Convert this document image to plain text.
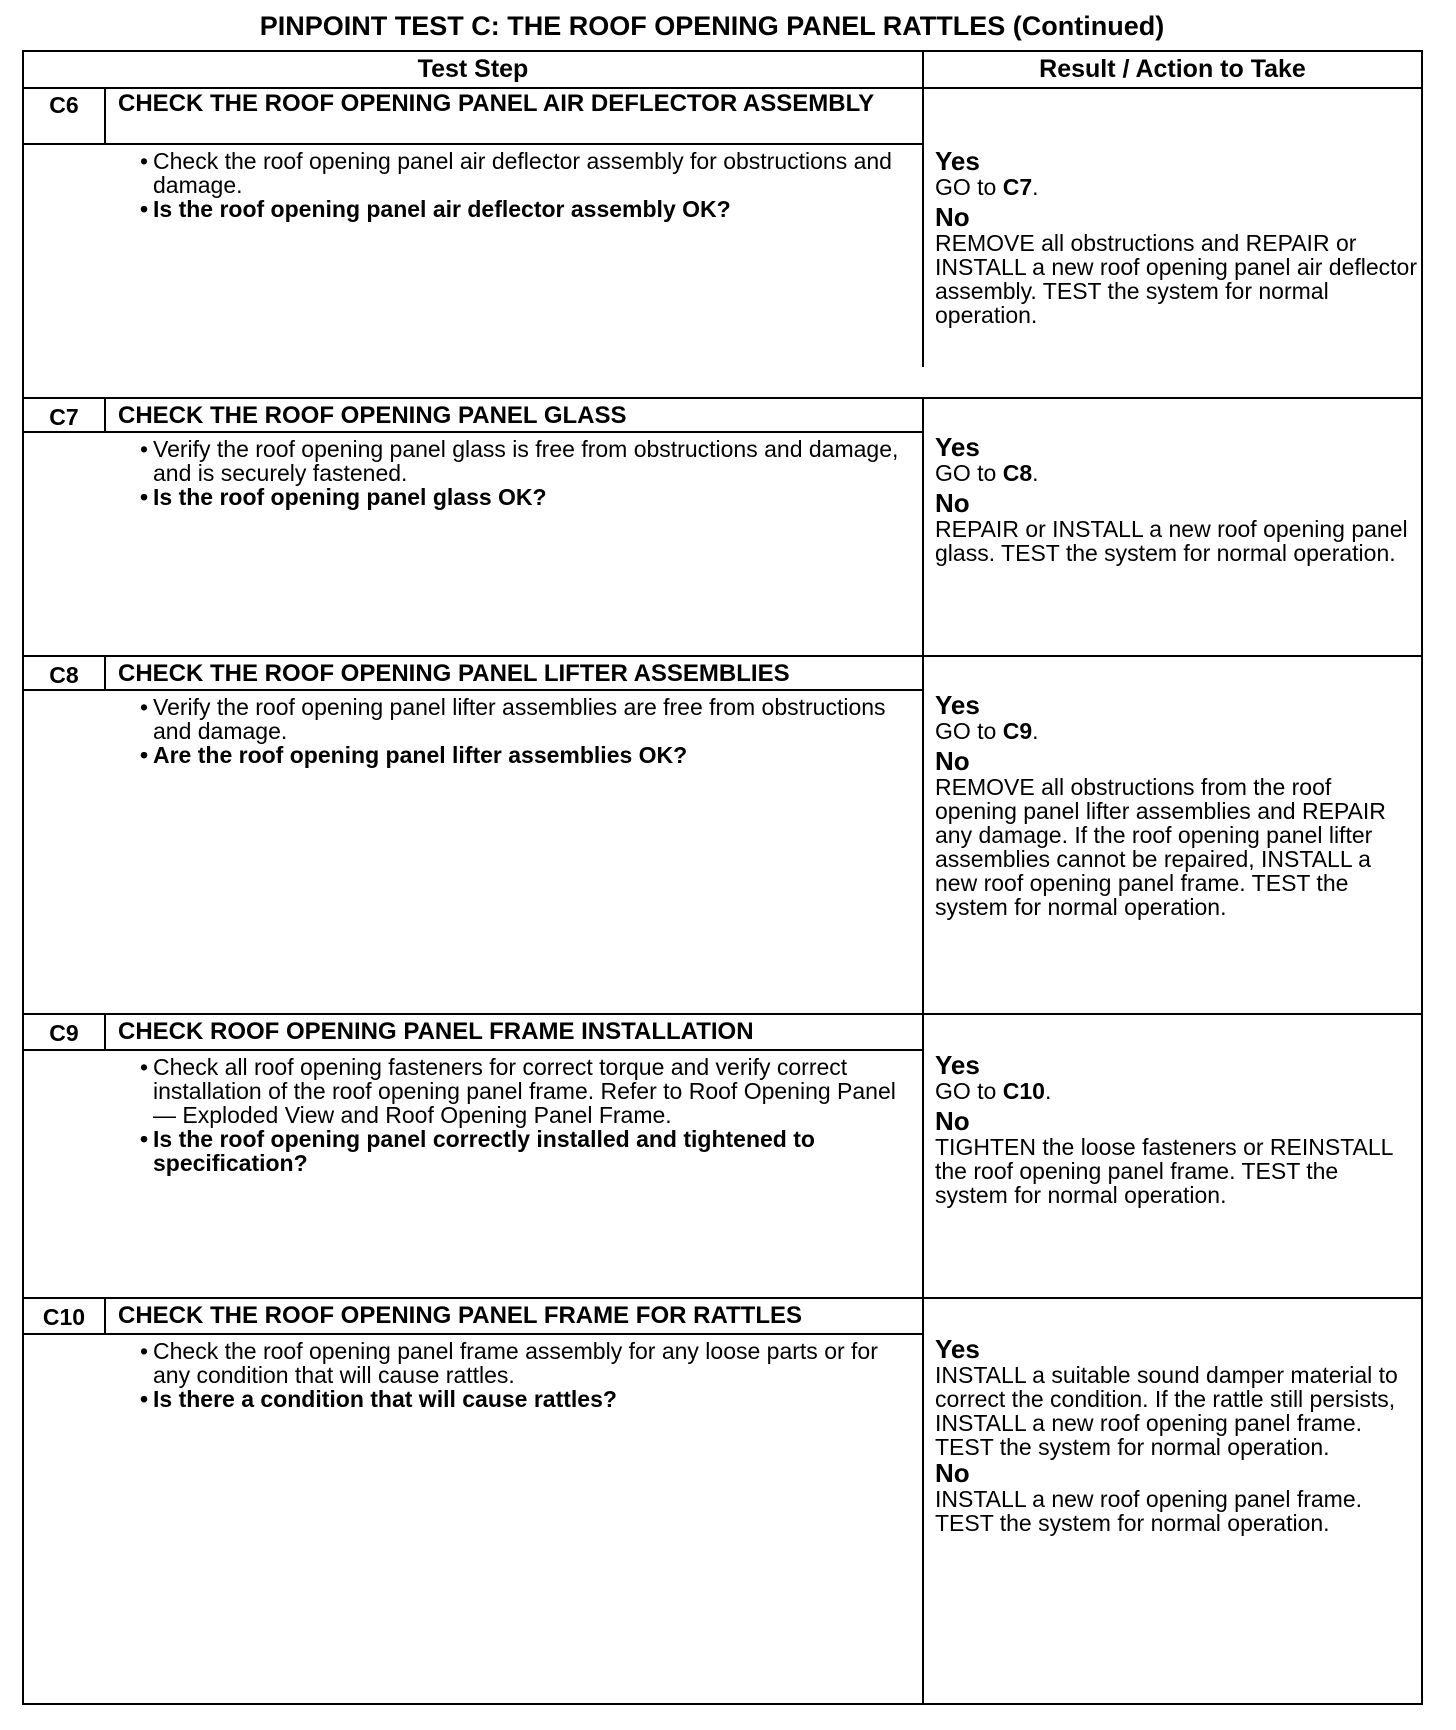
PINPOINT TEST C: THE ROOF OPENING PANEL RATTLES (Continued)
Test Step	Result / Action to Take
C6	CHECK THE ROOF OPENING PANEL AIR DEFLECTOR ASSEMBLY
• Check the roof opening panel air deflector assembly for obstructions and damage.
• Is the roof opening panel air deflector assembly OK?
Yes
GO to C7.
No
REMOVE all obstructions and REPAIR or INSTALL a new roof opening panel air deflector assembly. TEST the system for normal operation.
C7	CHECK THE ROOF OPENING PANEL GLASS
• Verify the roof opening panel glass is free from obstructions and damage, and is securely fastened.
• Is the roof opening panel glass OK?
Yes
GO to C8.
No
REPAIR or INSTALL a new roof opening panel glass. TEST the system for normal operation.
C8	CHECK THE ROOF OPENING PANEL LIFTER ASSEMBLIES
• Verify the roof opening panel lifter assemblies are free from obstructions and damage.
• Are the roof opening panel lifter assemblies OK?
Yes
GO to C9.
No
REMOVE all obstructions from the roof opening panel lifter assemblies and REPAIR any damage. If the roof opening panel lifter assemblies cannot be repaired, INSTALL a new roof opening panel frame. TEST the system for normal operation.
C9	CHECK ROOF OPENING PANEL FRAME INSTALLATION
• Check all roof opening fasteners for correct torque and verify correct installation of the roof opening panel frame. Refer to Roof Opening Panel — Exploded View and Roof Opening Panel Frame.
• Is the roof opening panel correctly installed and tightened to specification?
Yes
GO to C10.
No
TIGHTEN the loose fasteners or REINSTALL the roof opening panel frame. TEST the system for normal operation.
C10	CHECK THE ROOF OPENING PANEL FRAME FOR RATTLES
• Check the roof opening panel frame assembly for any loose parts or for any condition that will cause rattles.
• Is there a condition that will cause rattles?
Yes
INSTALL a suitable sound damper material to correct the condition. If the rattle still persists, INSTALL a new roof opening panel frame. TEST the system for normal operation.
No
INSTALL a new roof opening panel frame. TEST the system for normal operation.
